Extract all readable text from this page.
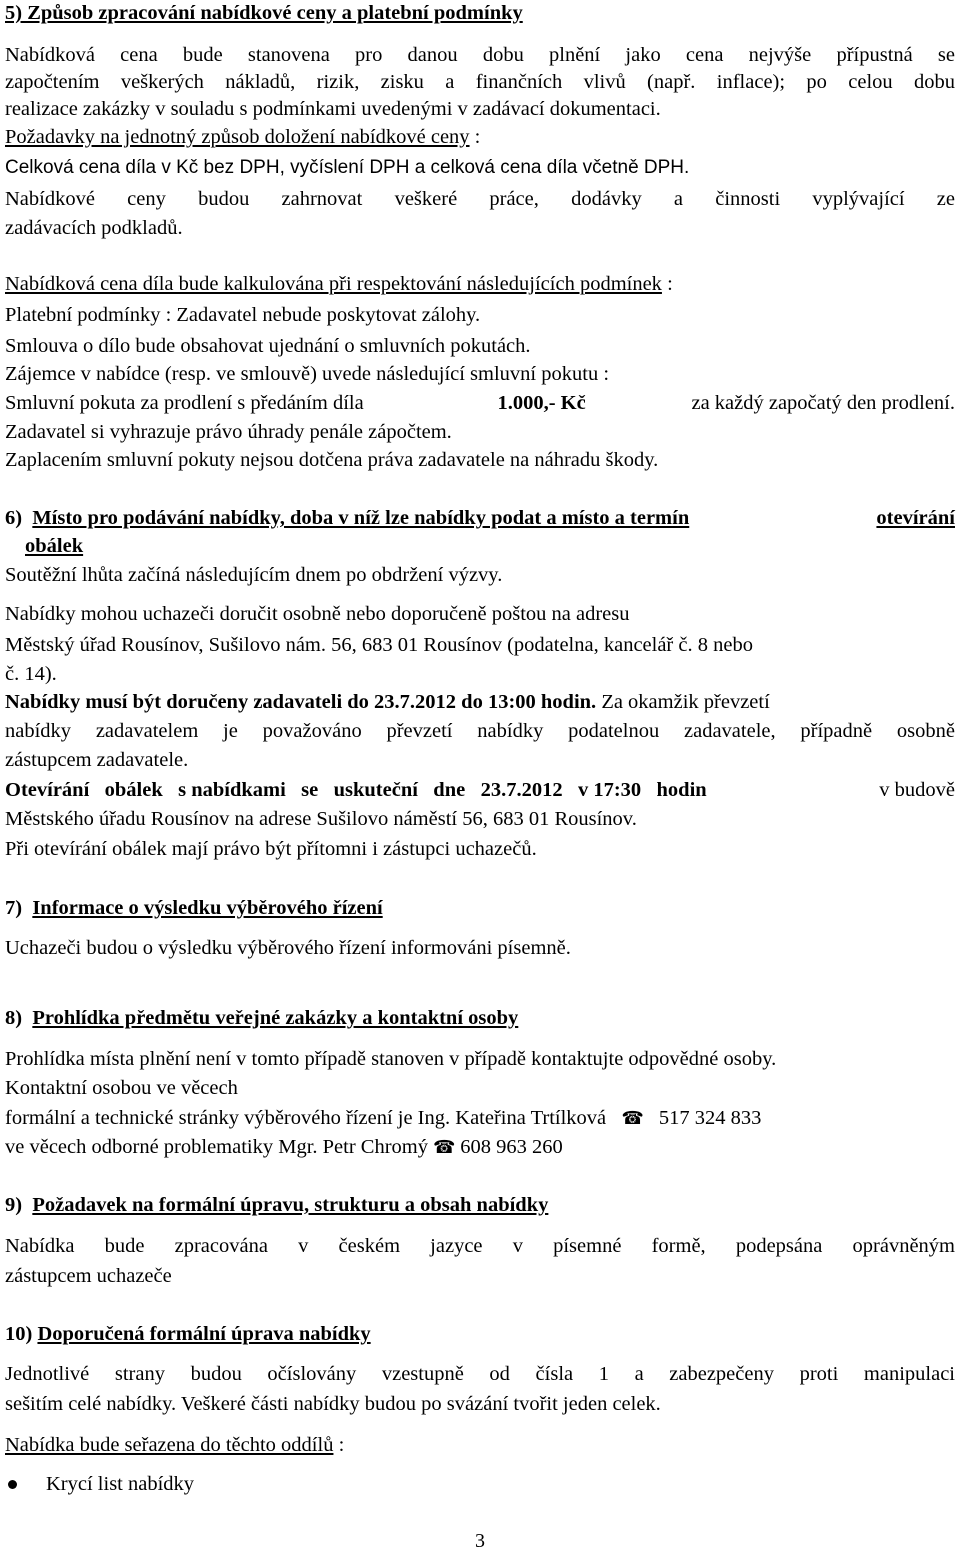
5) Způsob zpracování nabídkové ceny a platební podmínky
Nabídková cena bude stanovena pro danou dobu plnění jako cena nejvýše přípustná se
započtením veškerých nákladů, rizik, zisku a finančních vlivů (např. inflace); po celou dobu
realizace zakázky v souladu s podmínkami uvedenými v zadávací dokumentaci.
Požadavky na jednotný způsob doložení nabídkové ceny :
Celková cena díla v Kč bez DPH, vyčíslení DPH a celková cena díla včetně DPH.
Nabídkové ceny budou zahrnovat veškeré práce, dodávky a činnosti vyplývající ze
zadávacích podkladů.
Nabídková cena díla bude kalkulována při respektování následujících podmínek :
Platební podmínky : Zadavatel nebude poskytovat zálohy.
Smlouva o dílo bude obsahovat ujednání o smluvních pokutách.
Zájemce v nabídce (resp. ve smlouvě) uvede následující smluvní pokutu :
Smluvní pokuta za prodlení s předáním díla	1.000,- Kč	za každý započatý den prodlení.
Zadavatel si vyhrazuje právo úhrady penále zápočtem.
Zaplacením smluvní pokuty nejsou dotčena práva zadavatele na náhradu škody.
6) Místo pro podávání nabídky, doba v níž lze nabídky podat a místo a termín	otevírání
obálek
Soutěžní lhůta začíná následujícím dnem po obdržení výzvy.
Nabídky mohou uchazeči doručit osobně nebo doporučeně poštou na adresu
Městský úřad Rousínov, Sušilovo nám. 56, 683 01 Rousínov (podatelna, kancelář č. 8 nebo
č. 14).
Nabídky musí být doručeny zadavateli do 23.7.2012 do 13:00 hodin. Za okamžik převzetí
nabídky zadavatelem je považováno převzetí nabídky podatelnou zadavatele, případně osobně
zástupcem zadavatele.
Otevírání   obálek   s nabídkami   se   uskuteční   dne   23.7.2012   v 17:30   hodin	v budově
Městského úřadu Rousínov na adrese Sušilovo náměstí 56, 683 01 Rousínov.
Při otevírání obálek mají právo být přítomni i zástupci uchazečů.
7) Informace o výsledku výběrového řízení
Uchazeči budou o výsledku výběrového řízení informováni písemně.
8) Prohlídka předmětu veřejné zakázky a kontaktní osoby
Prohlídka místa plnění není v tomto případě stanoven v případě kontaktujte odpovědné osoby.
Kontaktní osobou ve věcech
formální a technické stránky výběrového řízení je Ing. Kateřina Trtílková ☎ 517 324 833
ve věcech odborné problematiky Mgr. Petr Chromý ☎ 608 963 260
9) Požadavek na formální úpravu, strukturu a obsah nabídky
Nabídka bude zpracována v českém jazyce v písemné formě, podepsána oprávněným
zástupcem uchazeče
10) Doporučená formální úprava nabídky
Jednotlivé strany budou očíslovány vzestupně od čísla 1 a zabezpečeny proti manipulaci
sešitím celé nabídky. Veškeré části nabídky budou po svázání tvořit jeden celek.
Nabídka bude seřazena do těchto oddílů :
Krycí list nabídky
3
